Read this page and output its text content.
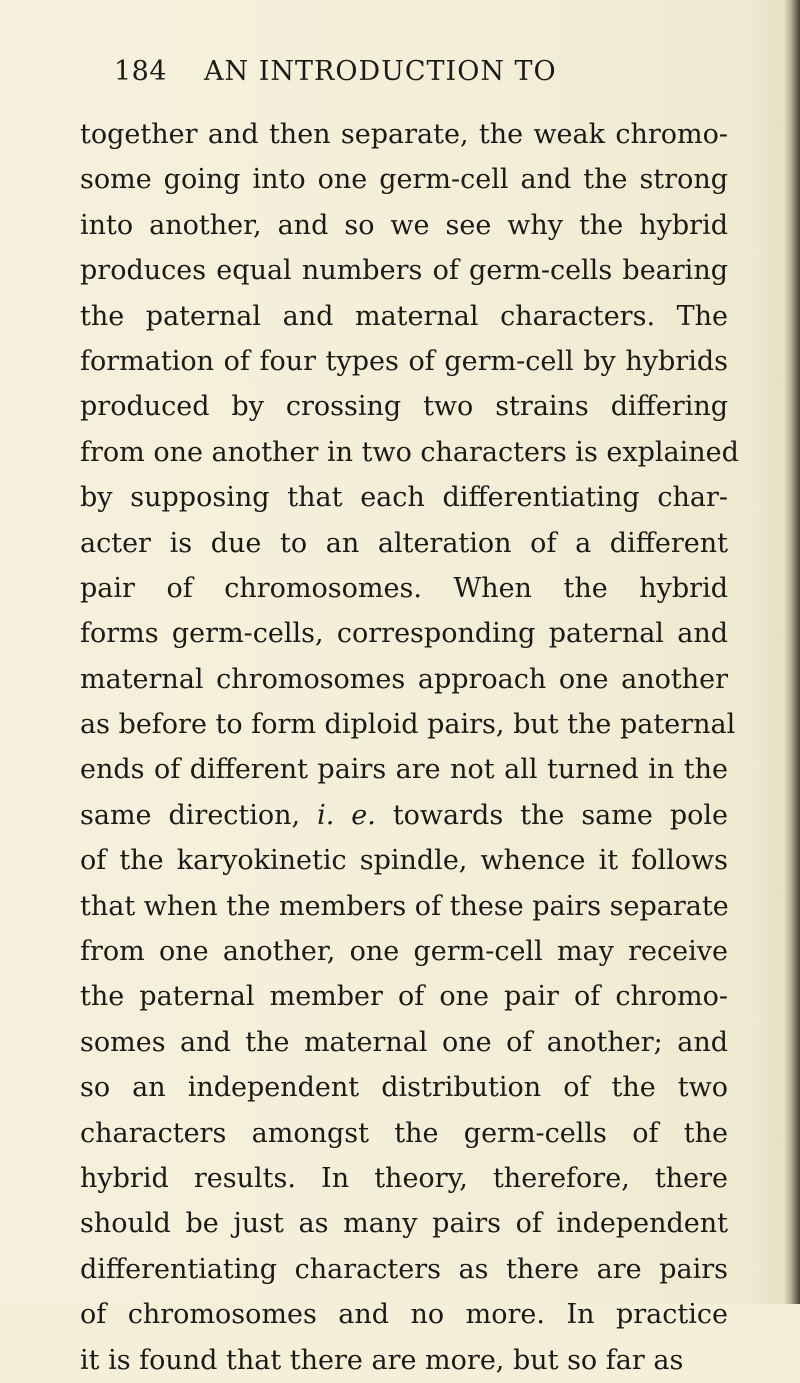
184 AN INTRODUCTION TO
together and then separate, the weak chromo-
some going into one germ-cell and the strong
into another, and so we see why the hybrid
produces equal numbers of germ-cells bearing
the paternal and maternal characters. The
formation of four types of germ-cell by hybrids
produced by crossing two strains differing
from one another in two characters is explained
by supposing that each differentiating char-
acter is due to an alteration of a different
pair of chromosomes. When the hybrid
forms germ-cells, corresponding paternal and
maternal chromosomes approach one another
as before to form diploid pairs, but the paternal
ends of different pairs are not all turned in the
same direction, i. e. towards the same pole
of the karyokinetic spindle, whence it follows
that when the members of these pairs separate
from one another, one germ-cell may receive
the paternal member of one pair of chromo-
somes and the maternal one of another; and
so an independent distribution of the two
characters amongst the germ-cells of the
hybrid results. In theory, therefore, there
should be just as many pairs of independent
differentiating characters as there are pairs
of chromosomes and no more. In practice
it is found that there are more, but so far as
